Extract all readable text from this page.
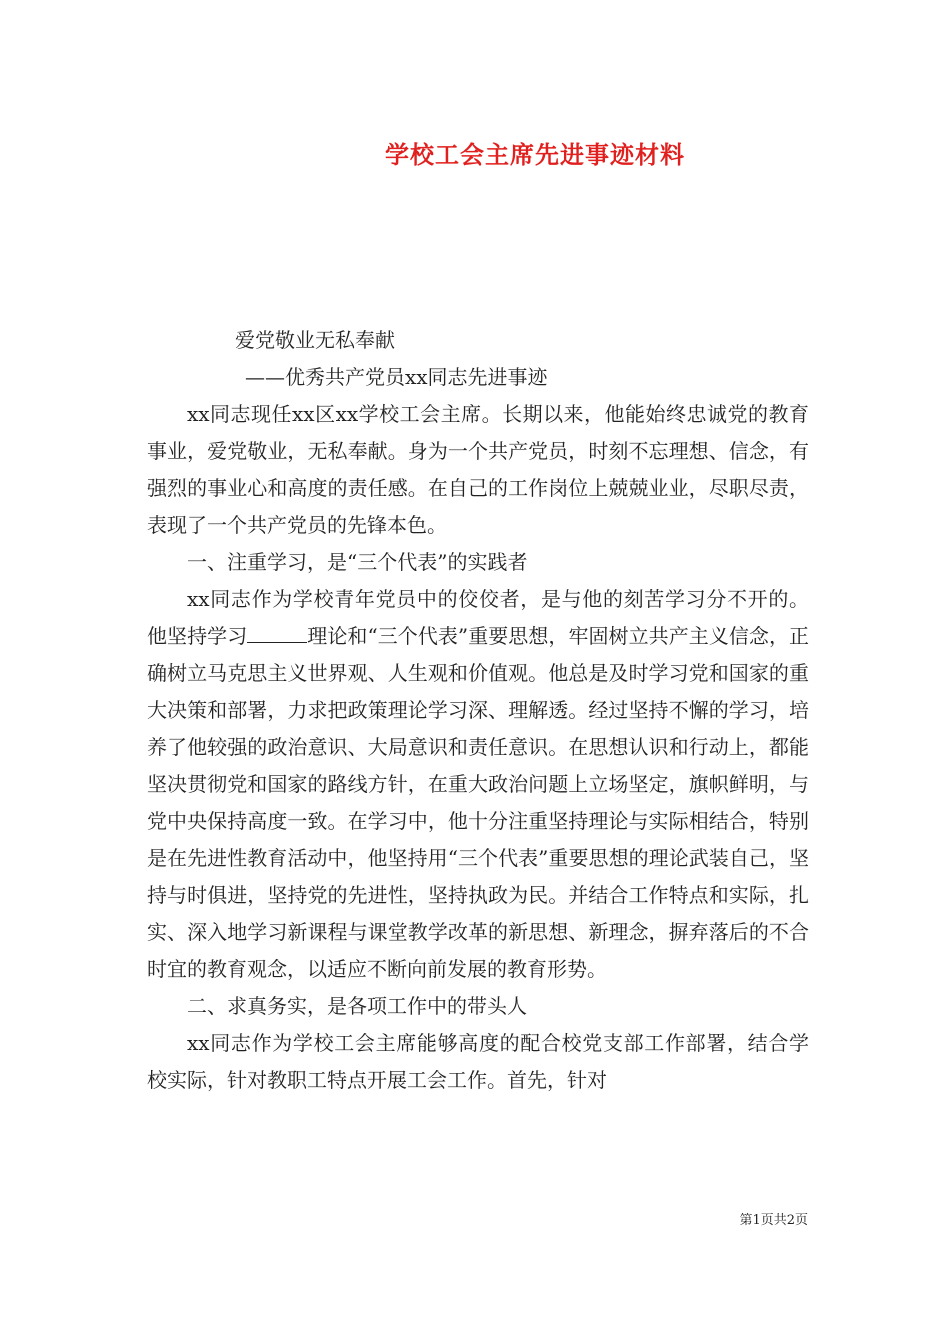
学校工会主席先进事迹材料

爱党敬业无私奉献

——优秀共产党员xx同志先进事迹

xx同志现任xx区xx学校工会主席。长期以来，他能始终忠诚党的教育事业，爱党敬业，无私奉献。身为一个共产党员，时刻不忘理想、信念，有强烈的事业心和高度的责任感。在自己的工作岗位上兢兢业业，尽职尽责，表现了一个共产党员的先锋本色。

一、注重学习，是“三个代表”的实践者

xx同志作为学校青年党员中的佼佼者，是与他的刻苦学习分不开的。他坚持学习	理论和“三个代表”重要思想，牢固树立共产主义信念，正确树立马克思主义世界观、人生观和价值观。他总是及时学习党和国家的重大决策和部署，力求把政策理论学习深、理解透。经过坚持不懈的学习，培养了他较强的政治意识、大局意识和责任意识。在思想认识和行动上，都能坚决贯彻党和国家的路线方针，在重大政治问题上立场坚定，旗帜鲜明，与党中央保持高度一致。在学习中，他十分注重坚持理论与实际相结合，特别是在先进性教育活动中，他坚持用“三个代表”重要思想的理论武装自己，坚持与时俱进，坚持党的先进性，坚持执政为民。并结合工作特点和实际，扎实、深入地学习新课程与课堂教学改革的新思想、新理念，摒弃落后的不合时宜的教育观念，以适应不断向前发展的教育形势。

二、求真务实，是各项工作中的带头人

xx同志作为学校工会主席能够高度的配合校党支部工作部署，结合学校实际，针对教职工特点开展工会工作。首先，针对

第1页共2页
